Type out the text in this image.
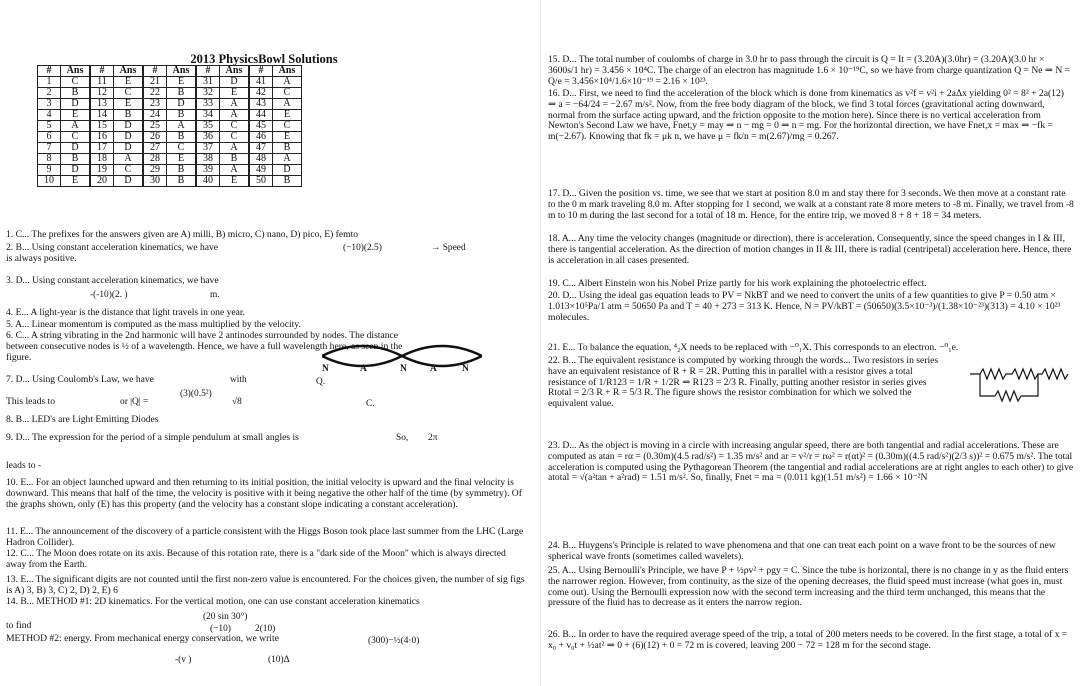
2013 PhysicsBowl Solutions
#	Ans	#	Ans	#	Ans	#	Ans	#	Ans
1	C	11	E	21	E	31	D	41	A
2	B	12	C	22	B	32	E	42	C
3	D	13	E	23	D	33	A	43	A
4	E	14	B	24	B	34	A	44	E
5	A	15	D	25	A	35	C	45	C
6	C	16	D	26	B	36	C	46	E
7	D	17	D	27	C	37	A	47	B
8	B	18	A	28	E	38	B	48	A
9	D	19	C	29	B	39	A	49	D
10	E	20	D	30	B	40	E	50	B
1. C... The prefixes for the answers given are A) milli, B) micro, C) nano, D) pico, E) femto
2. B... Using constant acceleration kinematics, we have	(−10)(2.5)	→ Speed
is always positive.
3. D... Using constant acceleration kinematics, we have
-(-10)(2. )	m.
4. E... A light-year is the distance that light travels in one year.
5. A... Linear momentum is computed as the mass multiplied by the velocity.
6. C... A string vibrating in the 2nd harmonic will have 2 antinodes surrounded by nodes. The distance between consecutive nodes is ½ of a wavelength. Hence, we have a full wavelength here, as seen in the figure.
N	A	N A	N
7. D... Using Coulomb's Law, we have	with	Q.
This leads to	or |Q| =
(3)(0.5²)
√8	C.
8. B... LED's are Light Emitting Diodes
9. D... The expression for the period of a simple pendulum at small angles is	So, 2π
leads to -
10. E... For an object launched upward and then returning to its initial position, the initial velocity is upward and the final velocity is downward. This means that half of the time, the velocity is positive with it being negative the other half of the time (by symmetry). Of the graphs shown, only (E) has this property (and the velocity has a constant slope indicating a constant acceleration).
11. E... The announcement of the discovery of a particle consistent with the Higgs Boson took place last summer from the LHC (Large Hadron Collider).
12. C... The Moon does rotate on its axis. Because of this rotation rate, there is a "dark side of the Moon" which is always directed away from the Earth.
13. E... The significant digits are not counted until the first non-zero value is encountered. For the choices given, the number of sig figs is A) 3, B) 3, C) 2, D) 2, E) 6
14. B... METHOD #1: 2D kinematics. For the vertical motion, one can use constant acceleration kinematics
(20 sin 30°)
(−10)	2(10)
to find
METHOD #2: energy. From mechanical energy conservation, we write	(300)−½(4·0)
-(v )	(10)Δ
15. D... The total number of coulombs of charge in 3.0 hr to pass through the circuit is Q = It = (3.20A)(3.0hr) = (3.20A)(3.0 hr × 3600s/1 hr) = 3.456 × 10⁴C. The charge of an electron has magnitude 1.6 × 10⁻¹⁹C, so we have from charge quantization Q = Ne ⇒ N = Q/e = 3.456×10⁴/1.6×10⁻¹⁹ = 2.16 × 10²³.
16. D... First, we need to find the acceleration of the block which is done from kinematics as v²f = v²i + 2aΔx yielding 0² = 8² + 2a(12) ⇒ a = −64/24 = −2.67 m/s². Now, from the free body diagram of the block, we find 3 total forces (gravitational acting downward, normal from the surface acting upward, and the friction opposite to the motion here). Since there is no vertical acceleration from Newton's Second Law we have, Fnet,y = may ⇒ n − mg = 0 ⇒ n = mg. For the horizontal direction, we have Fnet,x = max ⇒ −fk = m(−2.67). Knowing that fk = μk n, we have μ = fk/n = m(2.67)/mg = 0.267.
17. D... Given the position vs. time, we see that we start at position 8.0 m and stay there for 3 seconds. We then move at a constant rate to the 0 m mark traveling 8.0 m. After stopping for 1 second, we walk at a constant rate 8 more meters to -8 m. Finally, we travel from -8 m to 10 m during the last second for a total of 18 m. Hence, for the entire trip, we moved 8 + 8 + 18 = 34 meters.
18. A... Any time the velocity changes (magnitude or direction), there is acceleration. Consequently, since the speed changes in I & III, there is tangential acceleration. As the direction of motion changes in II & III, there is radial (centripetal) acceleration here. Hence, there is acceleration in all cases presented.
19. C... Albert Einstein won his Nobel Prize partly for his work explaining the photoelectric effect.
20. D... Using the ideal gas equation leads to PV = NkBT and we need to convert the units of a few quantities to give P = 0.50 atm × 1.013×10⁵Pa/1 atm = 50650 Pa and T = 40 + 273 = 313 K. Hence, N = PV/kBT = (50650)(3.5×10⁻³)/(1.38×10⁻²³)(313) = 4.10 × 10²³ molecules.
21. E... To balance the equation, ⁴₂X needs to be replaced with −⁰₁X. This corresponds to an electron. −⁰₁e.
22. B... The equivalent resistance is computed by working through the words... Two resistors in series have an equivalent resistance of R + R = 2R. Putting this in parallel with a resistor gives a total resistance of 1/R123 = 1/R + 1/2R ⇒ R123 = 2/3 R. Finally, putting another resistor in series gives Rtotal = 2/3 R + R = 5/3 R. The figure shows the resistor combination for which we solved the equivalent value.
23. D... As the object is moving in a circle with increasing angular speed, there are both tangential and radial accelerations. These are computed as atan = rα = (0.30m)(4.5 rad/s²) = 1.35 m/s² and ar = v²/r = rω² = r(αt)² = (0.30m)((4.5 rad/s²)(2/3 s))² = 0.675 m/s². The total acceleration is computed using the Pythagorean Theorem (the tangential and radial accelerations are at right angles to each other) to give atotal = √(a²tan + a²rad) = 1.51 m/s². So, finally, Fnet = ma = (0.011 kg)(1.51 m/s²) = 1.66 × 10⁻²N
24. B... Huygens's Principle is related to wave phenomena and that one can treat each point on a wave front to be the sources of new spherical wave fronts (sometimes called wavelets).
25. A... Using Bernoulli's Principle, we have P + ½ρv² + ρgy = C. Since the tube is horizontal, there is no change in y as the fluid enters the narrower region. However, from continuity, as the size of the opening decreases, the fluid speed must increase (what goes in, must come out). Using the Bernoulli expression now with the second term increasing and the third term unchanged, this means that the pressure of the fluid has to decrease as it enters the narrow region.
26. B... In order to have the required average speed of the trip, a total of 200 meters needs to be covered. In the first stage, a total of x = x₀ + v₀t + ½at² ⇒ 0 + (6)(12) + 0 = 72 m is covered, leaving 200 − 72 = 128 m for the second stage.
